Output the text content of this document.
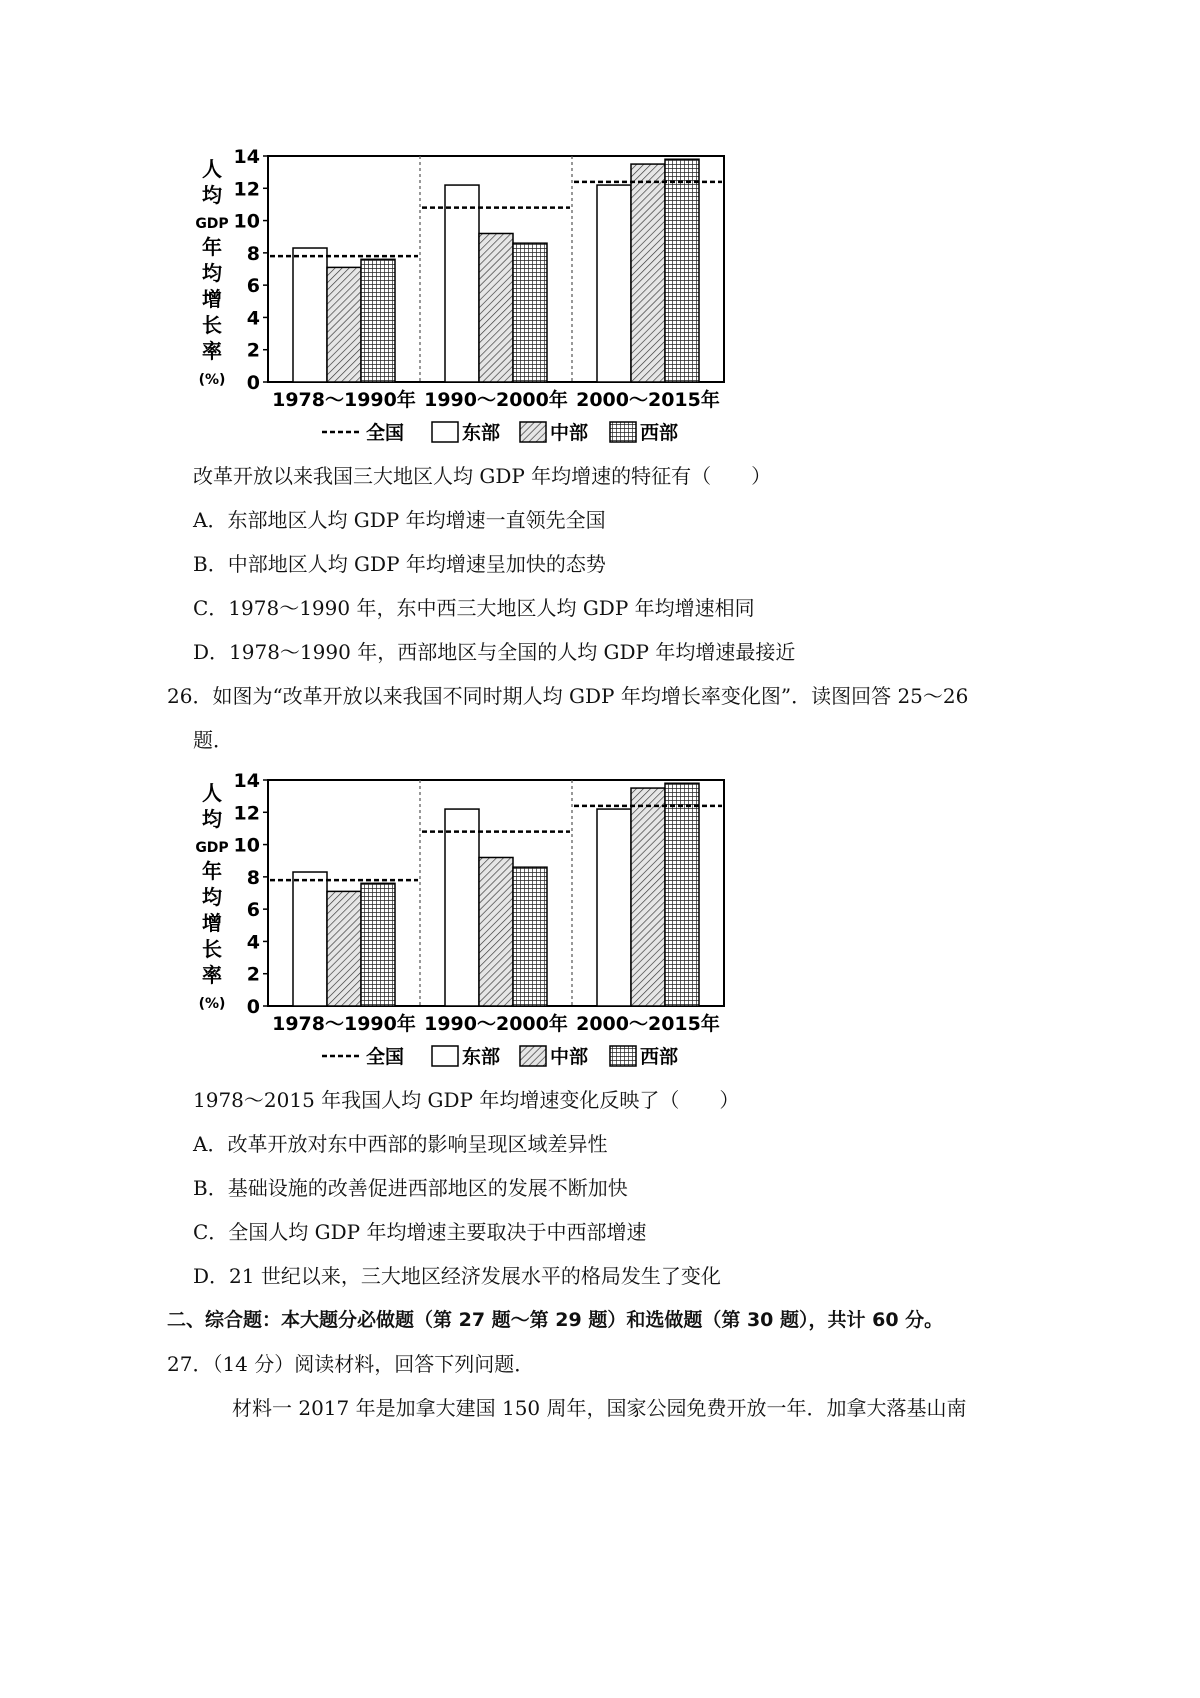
人
均
GDP
年
均
增
长
率
(%) 0
2
4
6
8
10
12
14
1978～1990年 1990～2000年 2000～2015年
全国	东部	中部	西部
改革开放以来我国三大地区人均 GDP 年均增速的特征有（　　）
A．东部地区人均 GDP 年均增速一直领先全国
B．中部地区人均 GDP 年均增速呈加快的态势
C．1978～1990 年，东中西三大地区人均 GDP 年均增速相同
D．1978～1990 年，西部地区与全国的人均 GDP 年均增速最接近
26．如图为“改革开放以来我国不同时期人均 GDP 年均增长率变化图”．读图回答 25～26
题．
人
均
GDP
年
均
增
长
率
(%) 0
2
4
6
8
10
12
14
1978～1990年 1990～2000年 2000～2015年
全国	东部	中部	西部
1978～2015 年我国人均 GDP 年均增速变化反映了（　　）
A．改革开放对东中西部的影响呈现区域差异性
B．基础设施的改善促进西部地区的发展不断加快
C．全国人均 GDP 年均增速主要取决于中西部增速
D．21 世纪以来，三大地区经济发展水平的格局发生了变化
二、综合题：本大题分必做题（第 27 题～第 29 题）和选做题（第 30 题），共计 60 分。
27．（14 分）阅读材料，回答下列问题．
材料一 2017 年是加拿大建国 150 周年，国家公园免费开放一年．加拿大落基山南
